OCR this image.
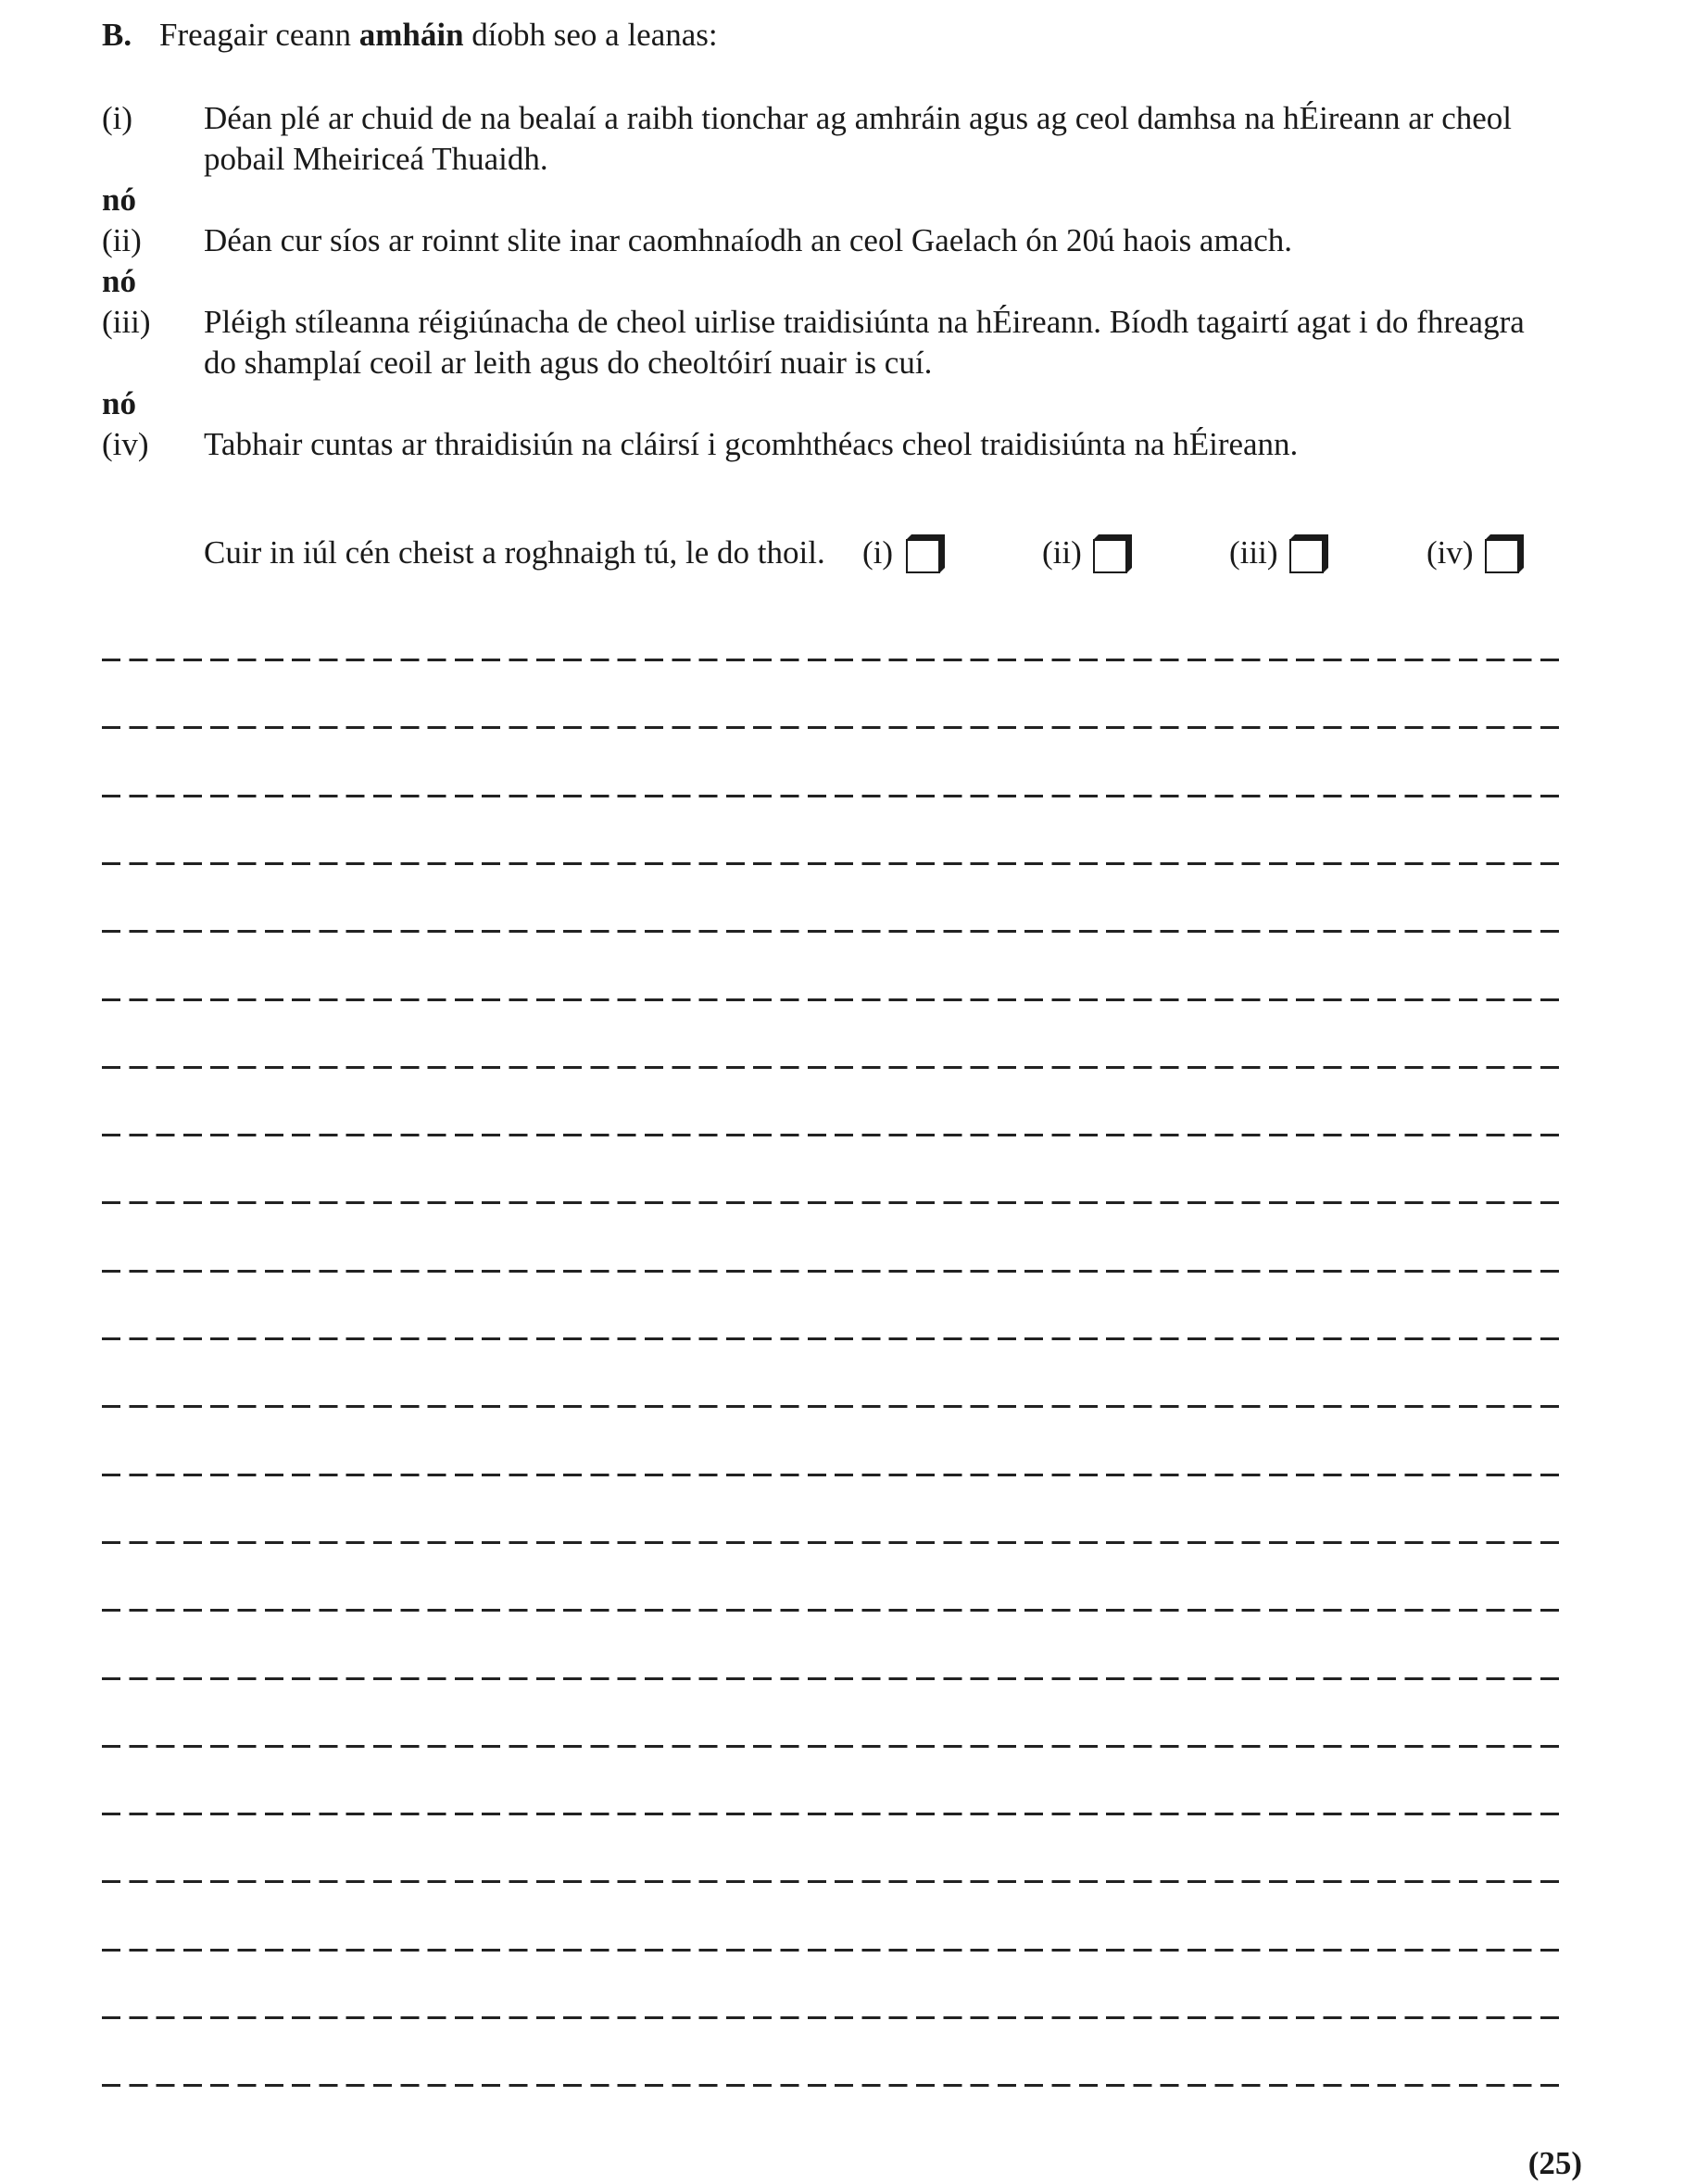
B. Freagair ceann amháin díobh seo a leanas:
(i) Déan plé ar chuid de na bealaí a raibh tionchar ag amhráin agus ag ceol damhsa na hÉireann ar cheol pobail Mheiriceá Thuaidh.
nó
(ii) Déan cur síos ar roinnt slite inar caomhnaíodh an ceol Gaelach ón 20ú haois amach.
nó
(iii) Pléigh stíleanna réigiúnacha de cheol uirlise traidisiúnta na hÉireann. Bíodh tagairtí agat i do fhreagra do shamplaí ceoil ar leith agus do cheoltóirí nuair is cuí.
nó
(iv) Tabhair cuntas ar thraidisiún na cláirsí i gcomhthéacs cheol traidisiúnta na hÉireann.
Cuir in iúl cén cheist a roghnaigh tú, le do thoil. (i)	(ii)	(iii)	(iv)
(25)
